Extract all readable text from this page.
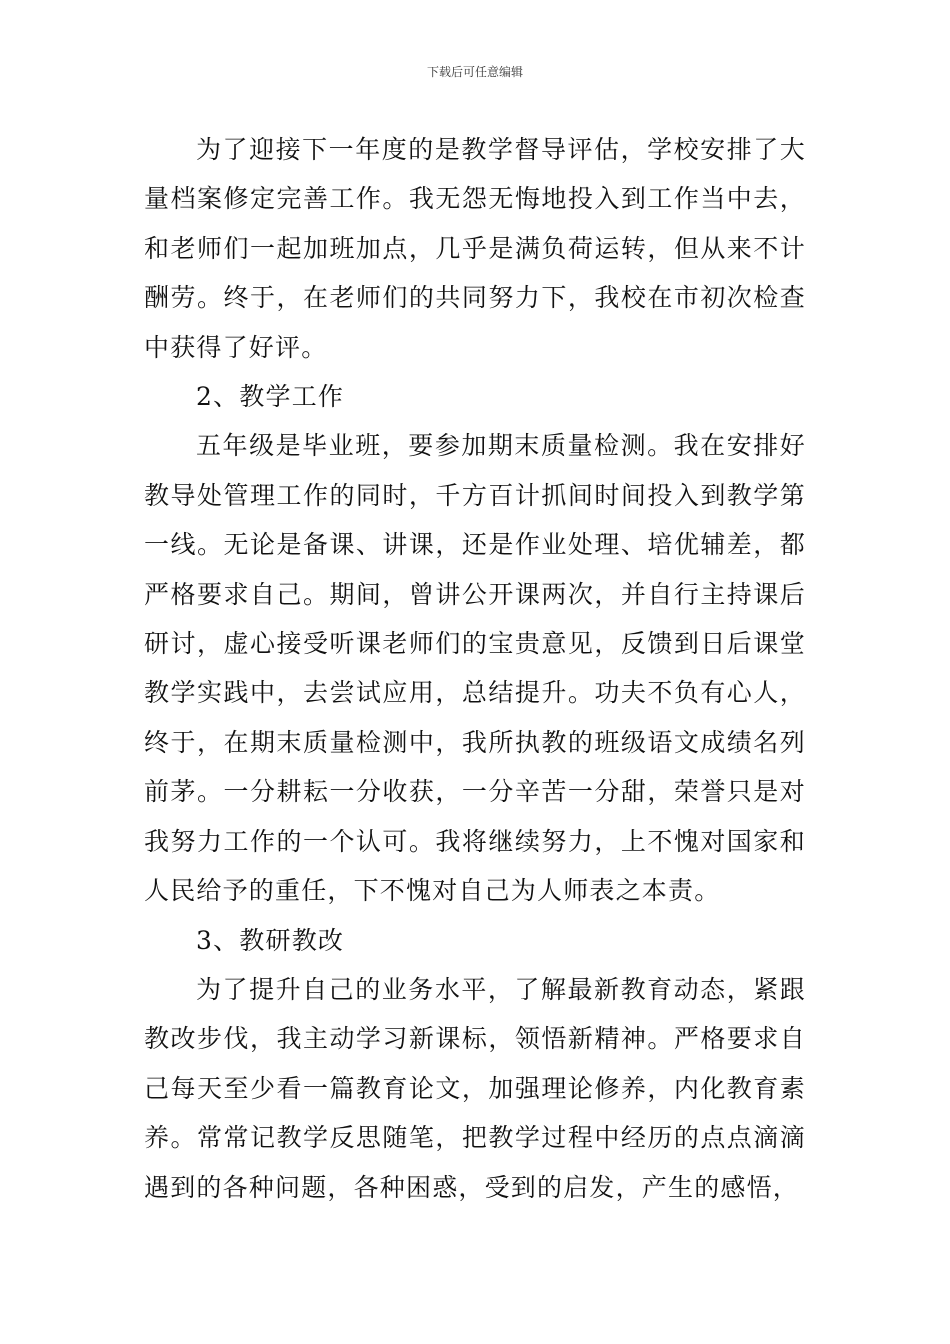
下载后可任意编辑

为了迎接下一年度的是教学督导评估，学校安排了大量档案修定完善工作。我无怨无悔地投入到工作当中去，和老师们一起加班加点，几乎是满负荷运转，但从来不计酬劳。终于，在老师们的共同努力下，我校在市初次检查中获得了好评。

2、教学工作

五年级是毕业班，要参加期末质量检测。我在安排好教导处管理工作的同时，千方百计抓间时间投入到教学第一线。无论是备课、讲课，还是作业处理、培优辅差，都严格要求自己。期间，曾讲公开课两次，并自行主持课后研讨，虚心接受听课老师们的宝贵意见，反馈到日后课堂教学实践中，去尝试应用，总结提升。功夫不负有心人，终于，在期末质量检测中，我所执教的班级语文成绩名列前茅。一分耕耘一分收获，一分辛苦一分甜，荣誉只是对我努力工作的一个认可。我将继续努力，上不愧对国家和人民给予的重任，下不愧对自己为人师表之本责。

3、教研教改

为了提升自己的业务水平，了解最新教育动态，紧跟教改步伐，我主动学习新课标，领悟新精神。严格要求自己每天至少看一篇教育论文，加强理论修养，内化教育素养。常常记教学反思随笔，把教学过程中经历的点点滴滴遇到的各种问题，各种困惑，受到的启发，产生的感悟，
